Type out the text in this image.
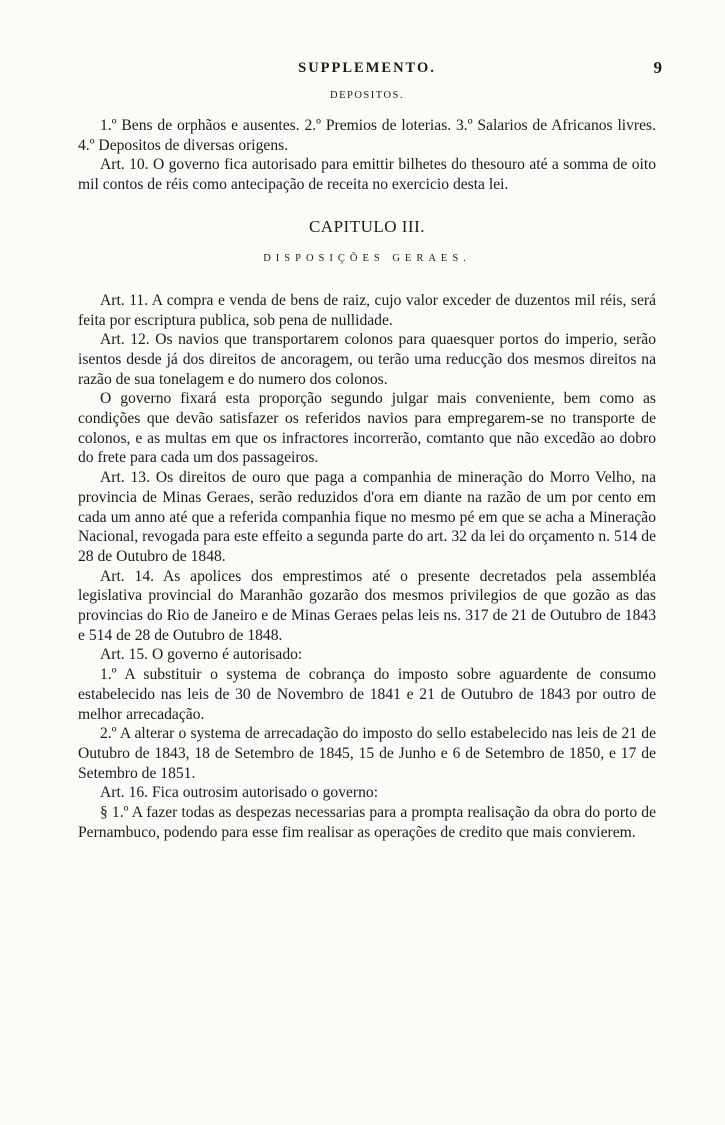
SUPPLEMENTO.	9
DEPOSITOS.

1.º Bens de orphãos e ausentes. 2.º Premios de loterias. 3.º Salarios de Africanos livres. 4.º Depositos de diversas origens.

Art. 10. O governo fica autorisado para emittir bilhetes do thesouro até a somma de oito mil contos de réis como antecipação de receita no exercicio desta lei.

CAPITULO III.
DISPOSIÇÕES GERAES.

Art. 11. A compra e venda de bens de raiz, cujo valor exceder de duzentos mil réis, será feita por escriptura publica, sob pena de nullidade.

Art. 12. Os navios que transportarem colonos para quaesquer portos do imperio, serão isentos desde já dos direitos de ancoragem, ou terão uma reducção dos mesmos direitos na razão de sua tonelagem e do numero dos colonos.

O governo fixará esta proporção segundo julgar mais conveniente, bem como as condições que devão satisfazer os referidos navios para empregarem-se no transporte de colonos, e as multas em que os infractores incorrerão, comtanto que não excedão ao dobro do frete para cada um dos passageiros.

Art. 13. Os direitos de ouro que paga a companhia de mineração do Morro Velho, na provincia de Minas Geraes, serão reduzidos d'ora em diante na razão de um por cento em cada um anno até que a referida companhia fique no mesmo pé em que se acha a Mineração Nacional, revogada para este effeito a segunda parte do art. 32 da lei do orçamento n. 514 de 28 de Outubro de 1848.

Art. 14. As apolices dos emprestimos até o presente decretados pela assembléa legislativa provincial do Maranhão gozarão dos mesmos privilegios de que gozão as das provincias do Rio de Janeiro e de Minas Geraes pelas leis ns. 317 de 21 de Outubro de 1843 e 514 de 28 de Outubro de 1848.

Art. 15. O governo é autorisado:

1.º A substituir o systema de cobrança do imposto sobre aguardente de consumo estabelecido nas leis de 30 de Novembro de 1841 e 21 de Outubro de 1843 por outro de melhor arrecadação.

2.º A alterar o systema de arrecadação do imposto do sello estabelecido nas leis de 21 de Outubro de 1843, 18 de Setembro de 1845, 15 de Junho e 6 de Setembro de 1850, e 17 de Setembro de 1851.

Art. 16. Fica outrosim autorisado o governo:

§ 1.º A fazer todas as despezas necessarias para a prompta realisação da obra do porto de Pernambuco, podendo para esse fim realisar as operações de credito que mais convierem.
